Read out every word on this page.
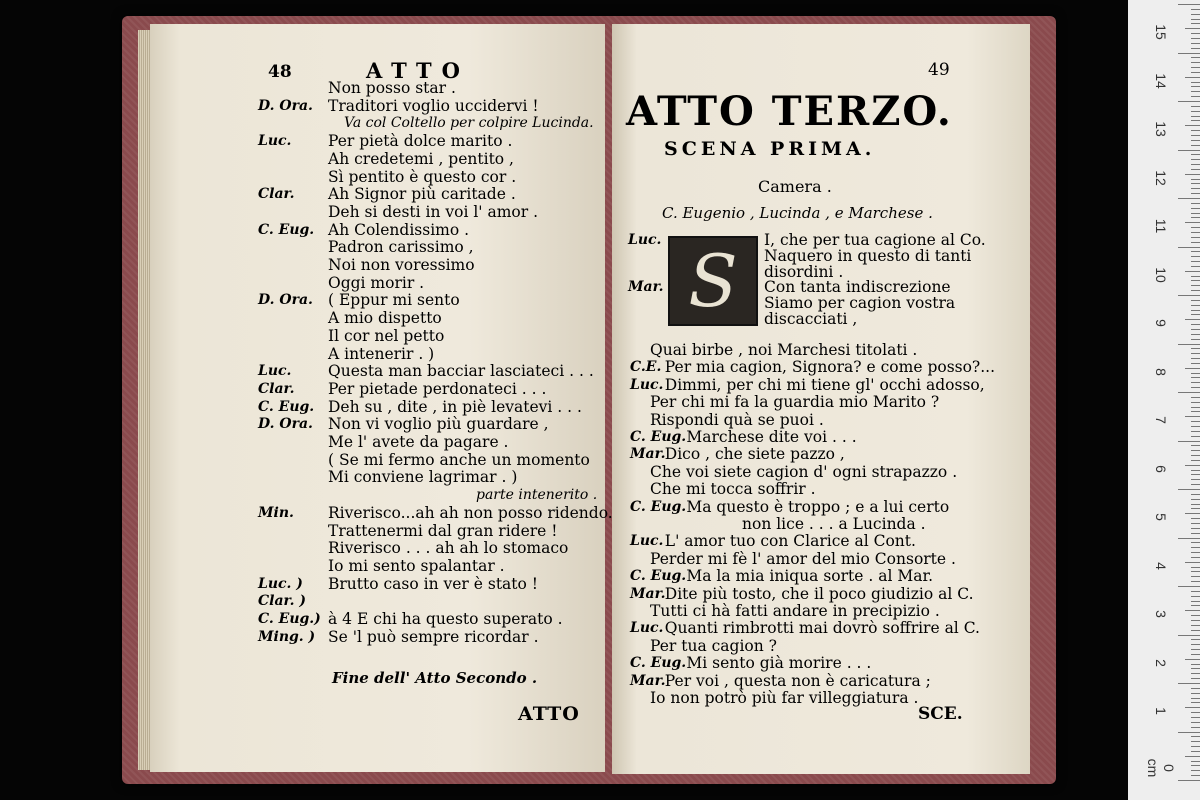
48	ATTO
Non posso star .
D. Ora. Traditori voglio uccidervi !
Va col Coltello per colpire Lucinda.
Luc. Per pietà dolce marito .
Ah credetemi , pentito ,
Sì pentito è questo cor .
Clar. Ah Signor più caritade .
Deh si desti in voi l' amor .
C. Eug. Ah Colendissimo .
Padron carissimo ,
Noi non voressimo
Oggi morir .
D. Ora. ( Eppur mi sento
A mio dispetto
Il cor nel petto
A intenerir . )
Luc. Questa man bacciar lasciateci . . .
Clar. Per pietade perdonateci . . .
C. Eug. Deh su , dite , in piè levatevi . . .
D. Ora. Non vi voglio più guardare ,
Me l' avete da pagare .
( Se mi fermo anche un momento
Mi conviene lagrimar . )
parte intenerito .
Min. Riverisco...ah ah non posso ridendo.
Trattenermi dal gran ridere !
Riverisco . . . ah ah lo stomaco
Io mi sento spalantar .
Luc. ) Brutto caso in ver è stato !
Clar. )
C. Eug.) à 4 E chi ha questo superato .
Ming. ) Se 'l può sempre ricordar .
Fine dell' Atto Secondo .
ATTO
49
ATTO TERZO.
SCENA PRIMA.
Camera .
C. Eugenio , Lucinda , e Marchese .
S
Luc.	I, che per tua cagione al Co.
Naquero in questo di tanti
disordini .
Mar.	Con tanta indiscrezione
Siamo per cagion vostra
discacciati ,
Quai birbe , noi Marchesi titolati .
C.E. Per mia cagion, Signora? e come posso?...
Luc. Dimmi, per chi mi tiene gl' occhi adosso,
Per chi mi fa la guardia mio Marito ?
Rispondi quà se puoi .
C. Eug. Marchese dite voi . . .
Mar. Dico , che siete pazzo ,
Che voi siete cagion d' ogni strapazzo .
Che mi tocca soffrir .
C. Eug. Ma questo è troppo ; e a lui certo
non lice . . . a Lucinda .
Luc. L' amor tuo con Clarice al Cont.
Perder mi fè l' amor del mio Consorte .
C. Eug. Ma la mia iniqua sorte . al Mar.
Mar. Dite più tosto, che il poco giudizio al C.
Tutti ci hà fatti andare in precipizio .
Luc. Quanti rimbrotti mai dovrò soffrire al C.
Per tua cagion ?
C. Eug. Mi sento già morire . . .
Mar. Per voi , questa non è caricatura ;
Io non potrò più far villeggiatura .
SCE.
15
14
13
12
11
10
9
8
7
6
5
4
3
2
1
0 cm
